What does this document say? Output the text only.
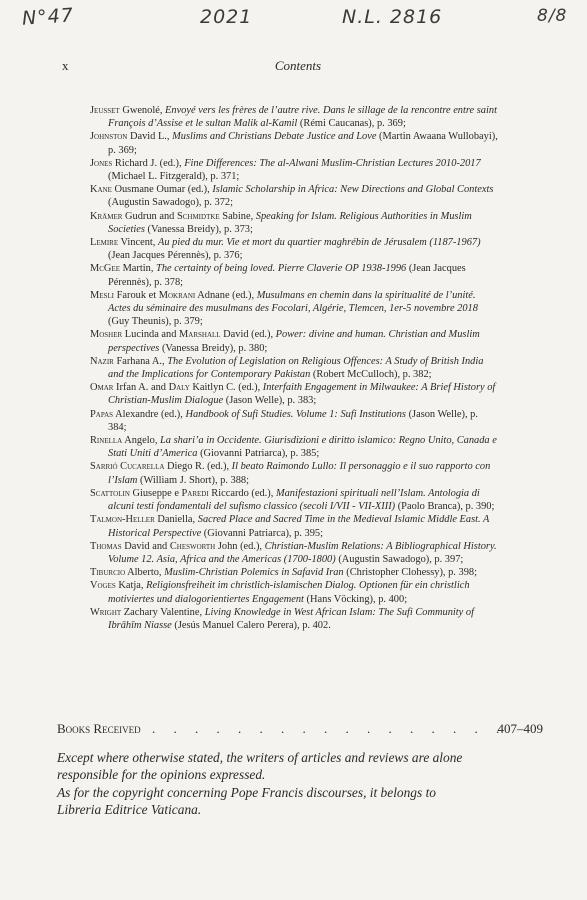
N°47	2021	N.L. 2816	8/8
x	Contents

Jeusset Gwenolé, Envoyé vers les frères de l’autre rive. Dans le sillage de la rencontre entre saint François d’Assise et le sultan Malik al-Kamil (Rémi Caucanas), p. 369;

Johnston David L., Muslims and Christians Debate Justice and Love (Martin Awaana Wullobayi), p. 369;

Jones Richard J. (ed.), Fine Differences: The al-Alwani Muslim-Christian Lectures 2010-2017 (Michael L. Fitzgerald), p. 371;

Kane Ousmane Oumar (ed.), Islamic Scholarship in Africa: New Directions and Global Contexts (Augustin Sawadogo), p. 372;

Krämer Gudrun and Schmidtke Sabine, Speaking for Islam. Religious Authorities in Muslim Societies (Vanessa Breidy), p. 373;

Lemire Vincent, Au pied du mur. Vie et mort du quartier maghrébin de Jérusalem (1187-1967) (Jean Jacques Pérennès), p. 376;

McGee Martin, The certainty of being loved. Pierre Claverie OP 1938-1996 (Jean Jacques Pérennès), p. 378;

Mesli Farouk et Mokrani Adnane (ed.), Musulmans en chemin dans la spiritualité de l’unité. Actes du séminaire des musulmans des Focolari, Algérie, Tlemcen, 1er-5 novembre 2018 (Guy Theunis), p. 379;

Mosher Lucinda and Marshall David (ed.), Power: divine and human. Christian and Muslim perspectives (Vanessa Breidy), p. 380;

Nazir Farhana A., The Evolution of Legislation on Religious Offences: A Study of British India and the Implications for Contemporary Pakistan (Robert McCulloch), p. 382;

Omar Irfan A. and Daly Kaitlyn C. (ed.), Interfaith Engagement in Milwaukee: A Brief History of Christian-Muslim Dialogue (Jason Welle), p. 383;

Papas Alexandre (ed.), Handbook of Sufi Studies. Volume 1: Sufi Institutions (Jason Welle), p. 384;

Rinella Angelo, La shari’a in Occidente. Giurisdizioni e diritto islamico: Regno Unito, Canada e Stati Uniti d’America (Giovanni Patriarca), p. 385;

Sarrió Cucarella Diego R. (ed.), Il beato Raimondo Lullo: Il personaggio e il suo rapporto con l’Islam (William J. Short), p. 388;

Scattolin Giuseppe e Paredi Riccardo (ed.), Manifestazioni spirituali nell’Islam. Antologia di alcuni testi fondamentali del sufismo classico (secoli I/VII - VII-XIII) (Paolo Branca), p. 390;

Talmon-Heller Daniella, Sacred Place and Sacred Time in the Medieval Islamic Middle East. A Historical Perspective (Giovanni Patriarca), p. 395;

Thomas David and Chesworth John (ed.), Christian-Muslim Relations: A Bibliographical History. Volume 12. Asia, Africa and the Americas (1700-1800) (Augustin Sawadogo), p. 397;

Tiburcio Alberto, Muslim-Christian Polemics in Safavid Iran (Christopher Clohessy), p. 398;

Voges Katja, Religionsfreiheit im christlich-islamischen Dialog. Optionen für ein christlich motiviertes und dialogorientiertes Engagement (Hans Vöcking), p. 400;

Wright Zachary Valentine, Living Knowledge in West African Islam: The Sufi Community of Ibrāhīm Niasse (Jesús Manuel Calero Perera), p. 402.

Books Received . . . . . . . . . . . . . . . . .
407–409

Except where otherwise stated, the writers of articles and reviews are alone responsible for the opinions expressed.

As for the copyright concerning Pope Francis discourses, it belongs to Libreria Editrice Vaticana.
